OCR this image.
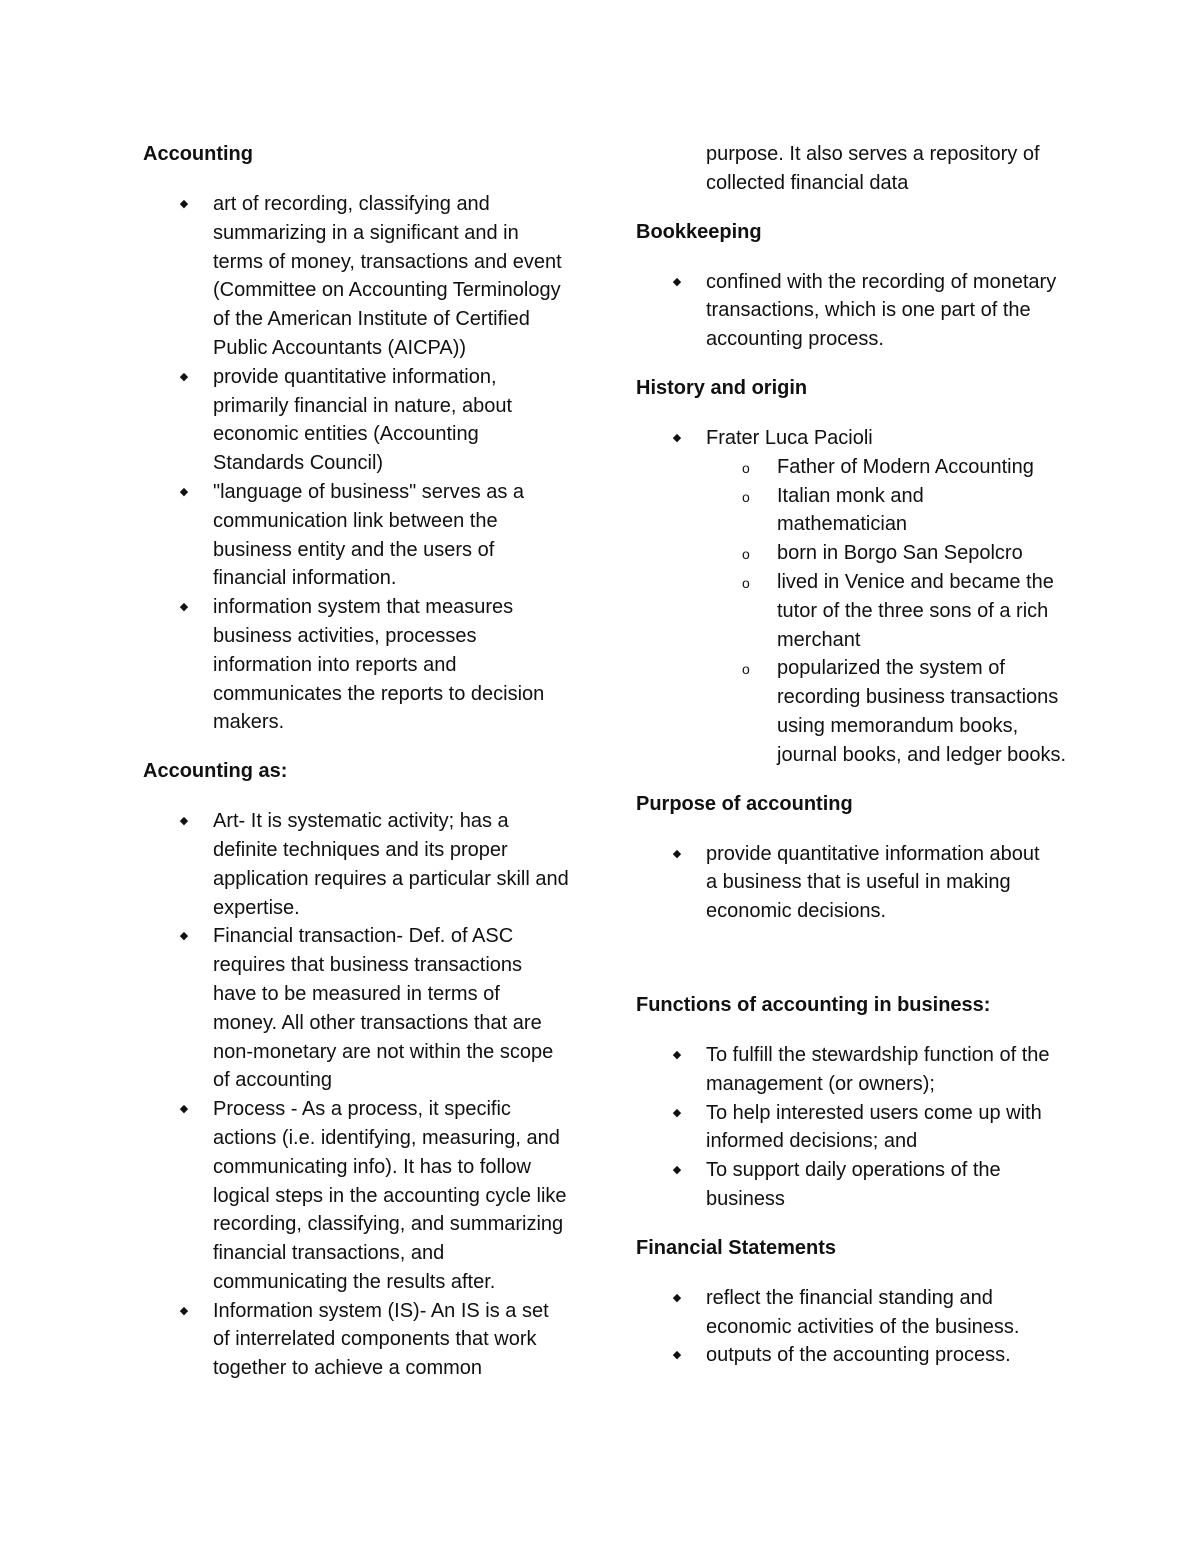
Accounting
◆ art of recording, classifying and summarizing in a significant and in terms of money, transactions and event (Committee on Accounting Terminology of the American Institute of Certified Public Accountants (AICPA))
◆ provide quantitative information, primarily financial in nature, about economic entities (Accounting Standards Council)
◆ "language of business" serves as a communication link between the business entity and the users of financial information.
◆ information system that measures business activities, processes information into reports and communicates the reports to decision makers.
Accounting as:
◆ Art- It is systematic activity; has a definite techniques and its proper application requires a particular skill and expertise.
◆ Financial transaction- Def. of ASC requires that business transactions have to be measured in terms of money. All other transactions that are non-monetary are not within the scope of accounting
◆ Process - As a process, it specific actions (i.e. identifying, measuring, and communicating info). It has to follow logical steps in the accounting cycle like recording, classifying, and summarizing financial transactions, and communicating the results after.
◆ Information system (IS)- An IS is a set of interrelated components that work together to achieve a common
purpose. It also serves a repository of collected financial data
Bookkeeping
◆ confined with the recording of monetary transactions, which is one part of the accounting process.
History and origin
◆ Frater Luca Pacioli
o Father of Modern Accounting
o Italian monk and mathematician
o born in Borgo San Sepolcro
o lived in Venice and became the tutor of the three sons of a rich merchant
o popularized the system of recording business transactions using memorandum books, journal books, and ledger books.
Purpose of accounting
◆ provide quantitative information about a business that is useful in making economic decisions.
Functions of accounting in business:
◆ To fulfill the stewardship function of the management (or owners);
◆ To help interested users come up with informed decisions; and
◆ To support daily operations of the business
Financial Statements
◆ reflect the financial standing and economic activities of the business.
◆ outputs of the accounting process.
